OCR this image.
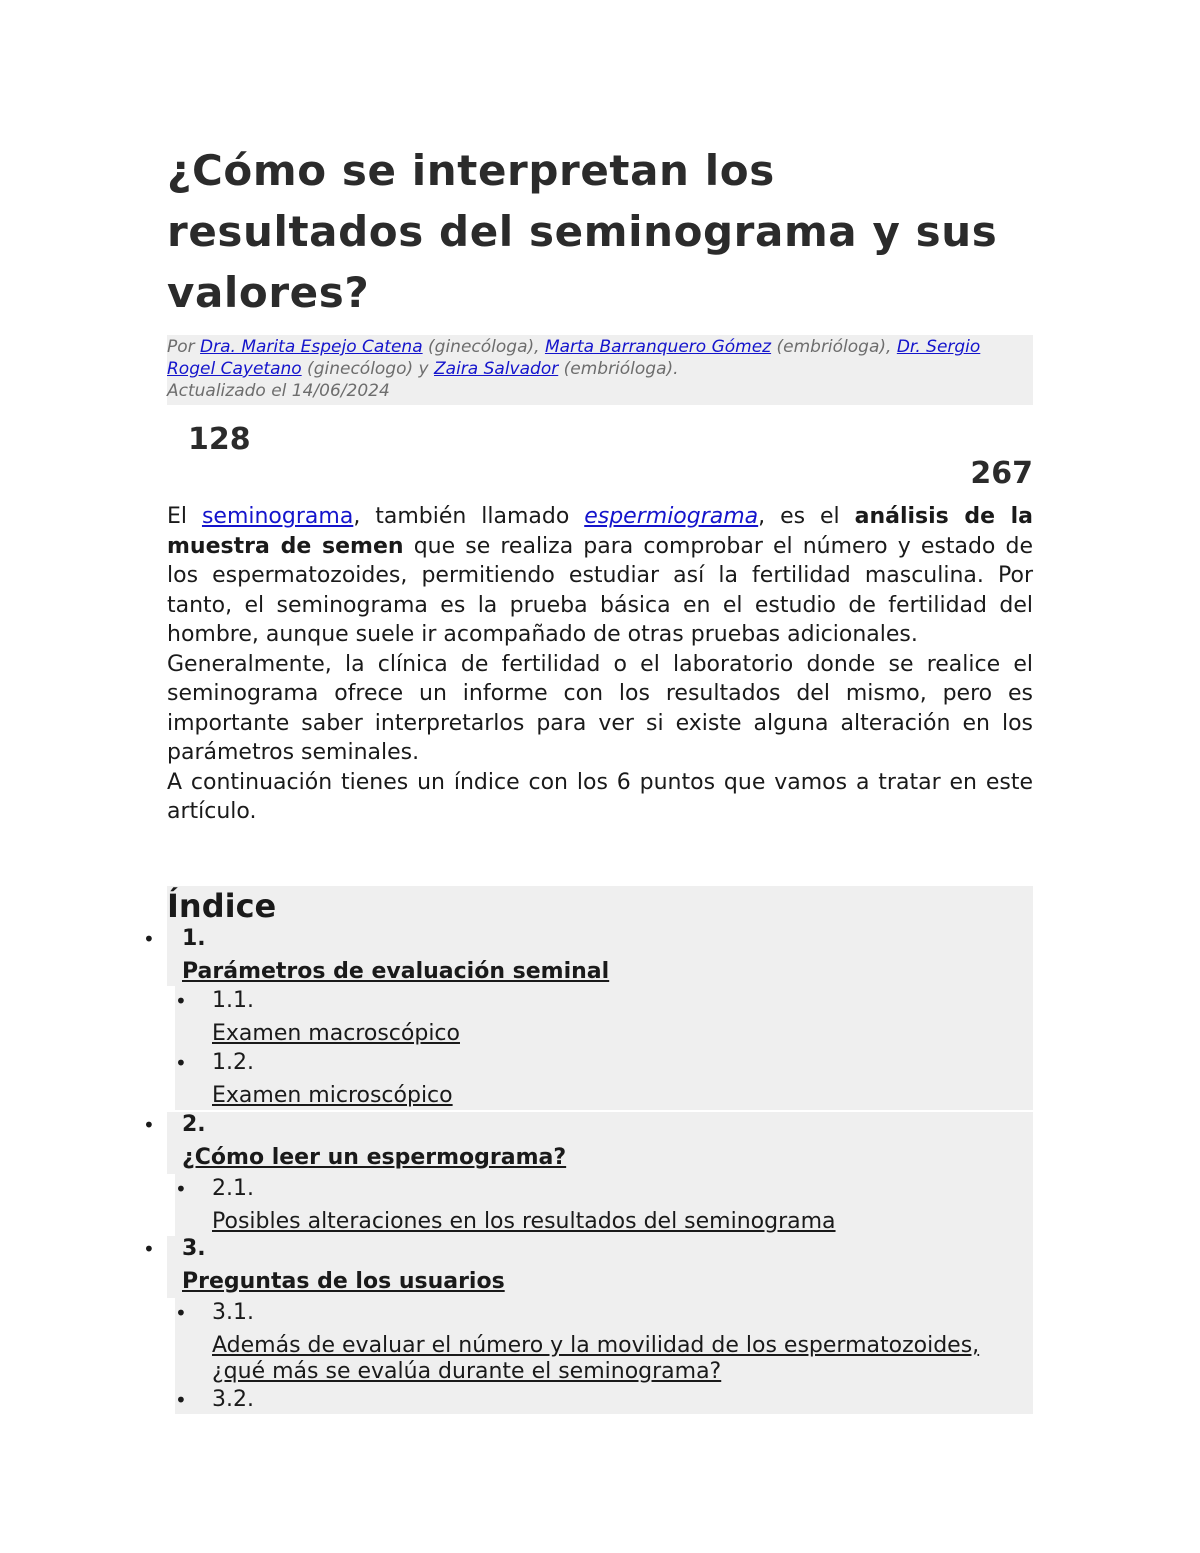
¿Cómo se interpretan los resultados del seminograma y sus valores?
Por Dra. Marita Espejo Catena (ginecóloga), Marta Barranquero Gómez (embrióloga), Dr. Sergio Rogel Cayetano (ginecólogo) y Zaira Salvador (embrióloga).
Actualizado el 14/06/2024
128
267

El seminograma, también llamado espermiograma, es el análisis de la muestra de semen que se realiza para comprobar el número y estado de los espermatozoides, permitiendo estudiar así la fertilidad masculina. Por tanto, el seminograma es la prueba básica en el estudio de fertilidad del hombre, aunque suele ir acompañado de otras pruebas adicionales.

Generalmente, la clínica de fertilidad o el laboratorio donde se realice el seminograma ofrece un informe con los resultados del mismo, pero es importante saber interpretarlos para ver si existe alguna alteración en los parámetros seminales.

A continuación tienes un índice con los 6 puntos que vamos a tratar en este artículo.

Índice
• 1.
Parámetros de evaluación seminal
• 1.1.
Examen macroscópico
• 1.2.
Examen microscópico
• 2.
¿Cómo leer un espermograma?
• 2.1.
Posibles alteraciones en los resultados del seminograma
• 3.
Preguntas de los usuarios
• 3.1.
Además de evaluar el número y la movilidad de los espermatozoides, ¿qué más se evalúa durante el seminograma?
• 3.2.
